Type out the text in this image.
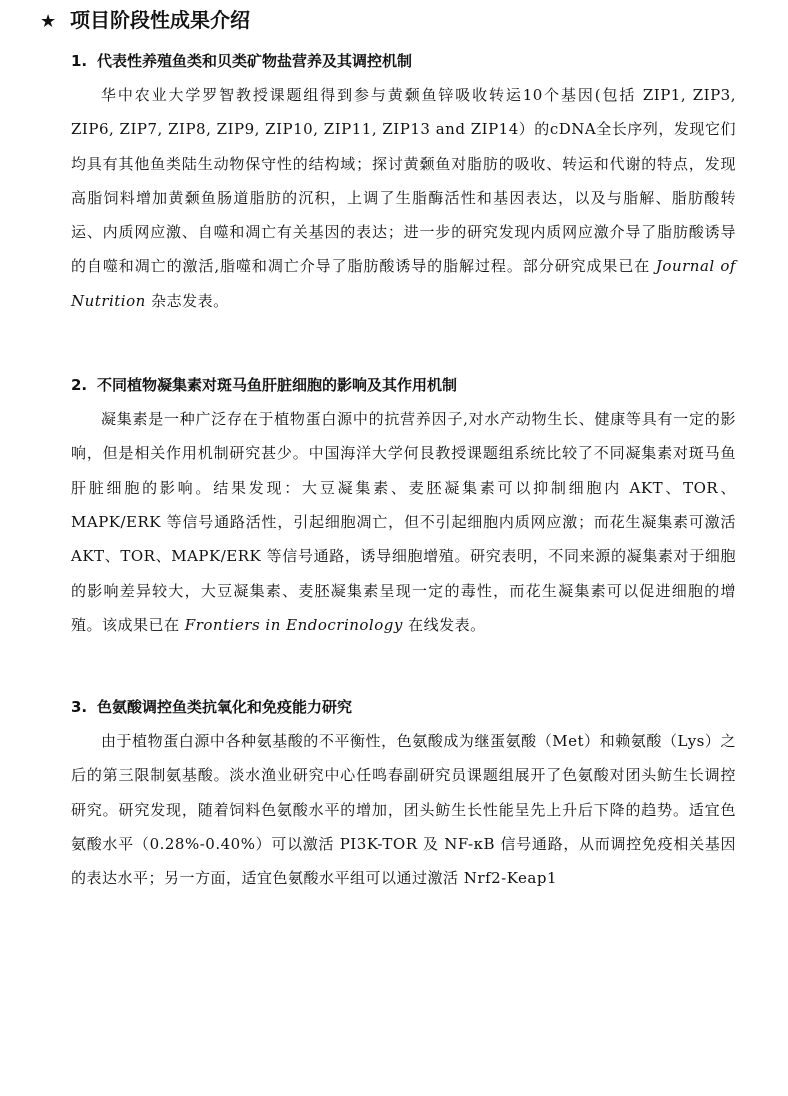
★ 项目阶段性成果介绍
1. 代表性养殖鱼类和贝类矿物盐营养及其调控机制

华中农业大学罗智教授课题组得到参与黄颡鱼锌吸收转运10个基因(包括 ZIP1, ZIP3, ZIP6, ZIP7, ZIP8, ZIP9, ZIP10, ZIP11, ZIP13 and ZIP14）的cDNA全长序列，发现它们均具有其他鱼类陆生动物保守性的结构域；探讨黄颡鱼对脂肪的吸收、转运和代谢的特点，发现高脂饲料增加黄颡鱼肠道脂肪的沉积，上调了生脂酶活性和基因表达，以及与脂解、脂肪酸转运、内质网应激、自噬和凋亡有关基因的表达；进一步的研究发现内质网应激介导了脂肪酸诱导的自噬和凋亡的激活,脂噬和凋亡介导了脂肪酸诱导的脂解过程。部分研究成果已在 Journal of Nutrition 杂志发表。

2. 不同植物凝集素对斑马鱼肝脏细胞的影响及其作用机制

凝集素是一种广泛存在于植物蛋白源中的抗营养因子,对水产动物生长、健康等具有一定的影响，但是相关作用机制研究甚少。中国海洋大学何艮教授课题组系统比较了不同凝集素对斑马鱼肝脏细胞的影响。结果发现：大豆凝集素、麦胚凝集素可以抑制细胞内 AKT、TOR、MAPK/ERK 等信号通路活性，引起细胞凋亡，但不引起细胞内质网应激；而花生凝集素可激活 AKT、TOR、MAPK/ERK 等信号通路，诱导细胞增殖。研究表明，不同来源的凝集素对于细胞的影响差异较大，大豆凝集素、麦胚凝集素呈现一定的毒性，而花生凝集素可以促进细胞的增殖。该成果已在 Frontiers in Endocrinology 在线发表。

3. 色氨酸调控鱼类抗氧化和免疫能力研究

由于植物蛋白源中各种氨基酸的不平衡性，色氨酸成为继蛋氨酸（Met）和赖氨酸（Lys）之后的第三限制氨基酸。淡水渔业研究中心任鸣春副研究员课题组展开了色氨酸对团头鲂生长调控研究。研究发现，随着饲料色氨酸水平的增加，团头鲂生长性能呈先上升后下降的趋势。适宜色氨酸水平（0.28%-0.40%）可以激活 PI3K-TOR 及 NF-κB 信号通路，从而调控免疫相关基因的表达水平；另一方面，适宜色氨酸水平组可以通过激活 Nrf2-Keap1
